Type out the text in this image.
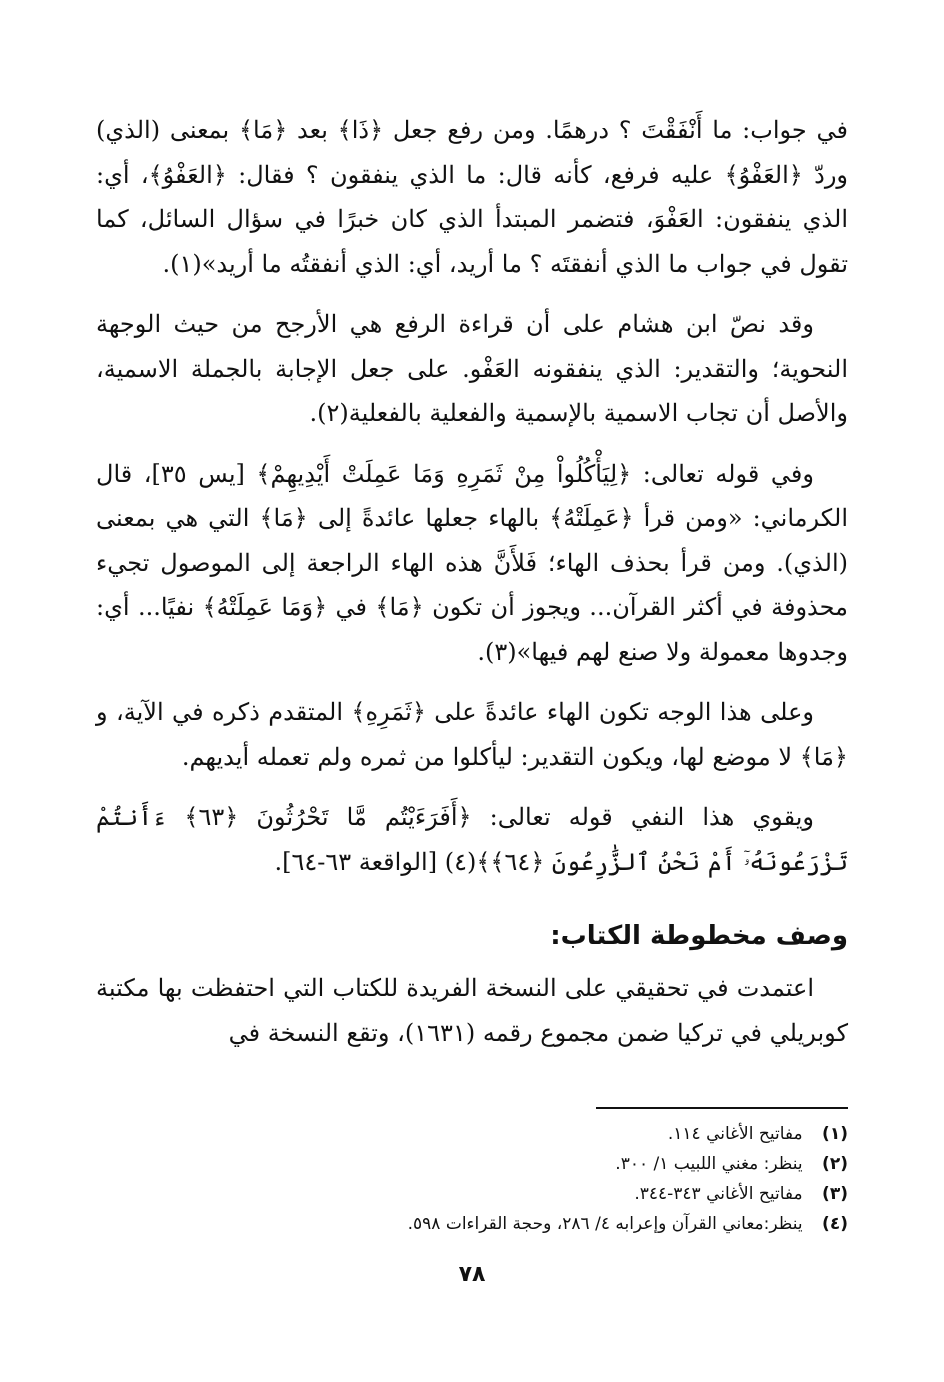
في جواب: ما أَنْفَقْتَ ؟ درهمًا. ومن رفع جعل ﴿ذَا﴾ بعد ﴿مَا﴾ بمعنى (الذي) وردّ ﴿العَفْوُ﴾ عليه فرفع، كأنه قال: ما الذي ينفقون ؟ فقال: ﴿العَفْوُ﴾، أي: الذي ينفقون: العَفْوَ، فتضمر المبتدأ الذي كان خبرًا في سؤال السائل، كما تقول في جواب ما الذي أنفقتَه ؟ ما أريد، أي: الذي أنفقتُه ما أريد»(١).

وقد نصّ ابن هشام على أن قراءة الرفع هي الأرجح من حيث الوجهة النحوية؛ والتقدير: الذي ينفقونه العَفْو. على جعل الإجابة بالجملة الاسمية، والأصل أن تجاب الاسمية بالإسمية والفعلية بالفعلية(٢).

وفي قوله تعالى: ﴿لِيَأْكُلُواْ مِنْ ثَمَرِهِ وَمَا عَمِلَتْ أَيْدِيهِمْ﴾ [يس ٣٥]، قال الكرماني: «ومن قرأ ﴿عَمِلَتْهُ﴾ بالهاء جعلها عائدةً إلى ﴿مَا﴾ التي هي بمعنى (الذي). ومن قرأ بحذف الهاء؛ فَلأَنَّ هذه الهاء الراجعة إلى الموصول تجيء محذوفة في أكثر القرآن... ويجوز أن تكون ﴿مَا﴾ في ﴿وَمَا عَمِلَتْهُ﴾ نفيًا... أي: وجدوها معمولة ولا صنع لهم فيها»(٣).

وعلى هذا الوجه تكون الهاء عائدةً على ﴿ثَمَرِهِ﴾ المتقدم ذكره في الآية، و ﴿مَا﴾ لا موضع لها، ويكون التقدير: ليأكلوا من ثمره ولم تعمله أيديهم.

ويقوي هذا النفي قوله تعالى: ﴿أَفَرَءَيْتُم مَّا تَحْرُثُونَ ﴿٦٣﴾ ءَأَنتُمْ تَزْرَعُونَهُۥٓ أَمْ نَحْنُ ٱلزَّٰرِعُونَ ﴿٦٤﴾﴾(٤) [الواقعة ٦٣-٦٤].

وصف مخطوطة الكتاب:

اعتمدت في تحقيقي على النسخة الفريدة للكتاب التي احتفظت بها مكتبة كوبريلي في تركيا ضمن مجموع رقمه (١٦٣١)، وتقع النسخة في

(١) مفاتيح الأغاني ١١٤.
(٢) ينظر: مغني اللبيب ١/ ٣٠٠.
(٣) مفاتيح الأغاني ٣٤٣-٣٤٤.
(٤) ينظر:معاني القرآن وإعرابه ٤/ ٢٨٦، وحجة القراءات ٥٩٨.
٧٨
